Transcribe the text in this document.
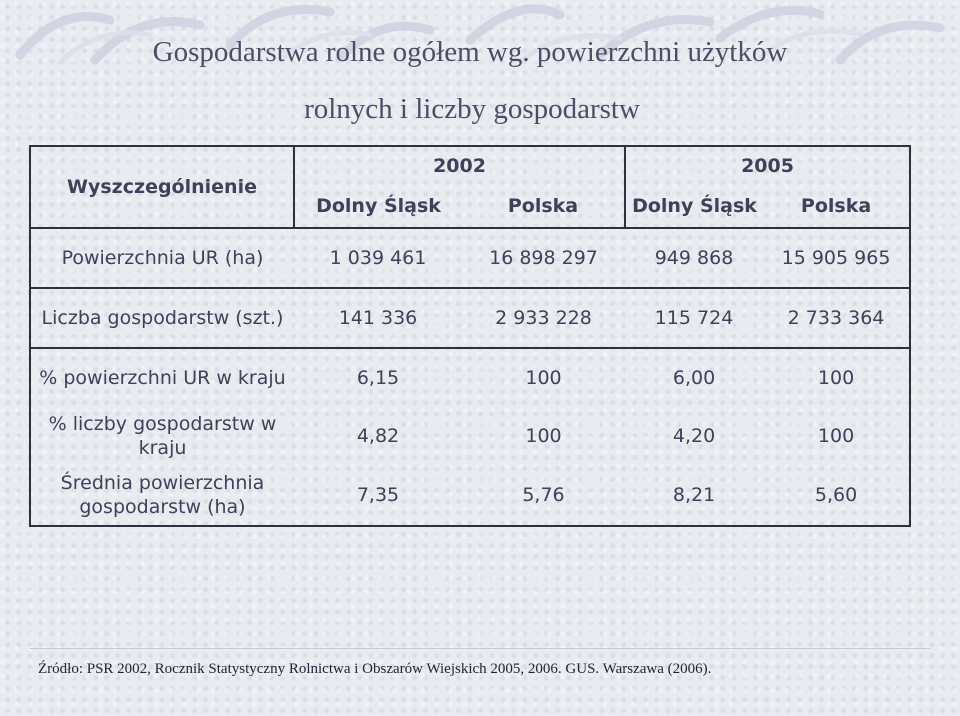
Gospodarstwa rolne ogółem wg. powierzchni użytków
rolnych i liczby gospodarstw
Wyszczególnienie	2002		2005	
	Dolny Śląsk	Polska	Dolny Śląsk	Polska
Powierzchnia UR (ha)	1 039 461	16 898 297	949 868	15 905 965
Liczba gospodarstw (szt.)	141 336	2 933 228	115 724	2 733 364
% powierzchni UR w kraju	6,15	100	6,00	100
% liczby gospodarstw w kraju	4,82	100	4,20	100
Średnia powierzchnia gospodarstw (ha)	7,35	5,76	8,21	5,60
Źródło: PSR 2002, Rocznik Statystyczny Rolnictwa i Obszarów Wiejskich 2005, 2006. GUS. Warszawa (2006).
